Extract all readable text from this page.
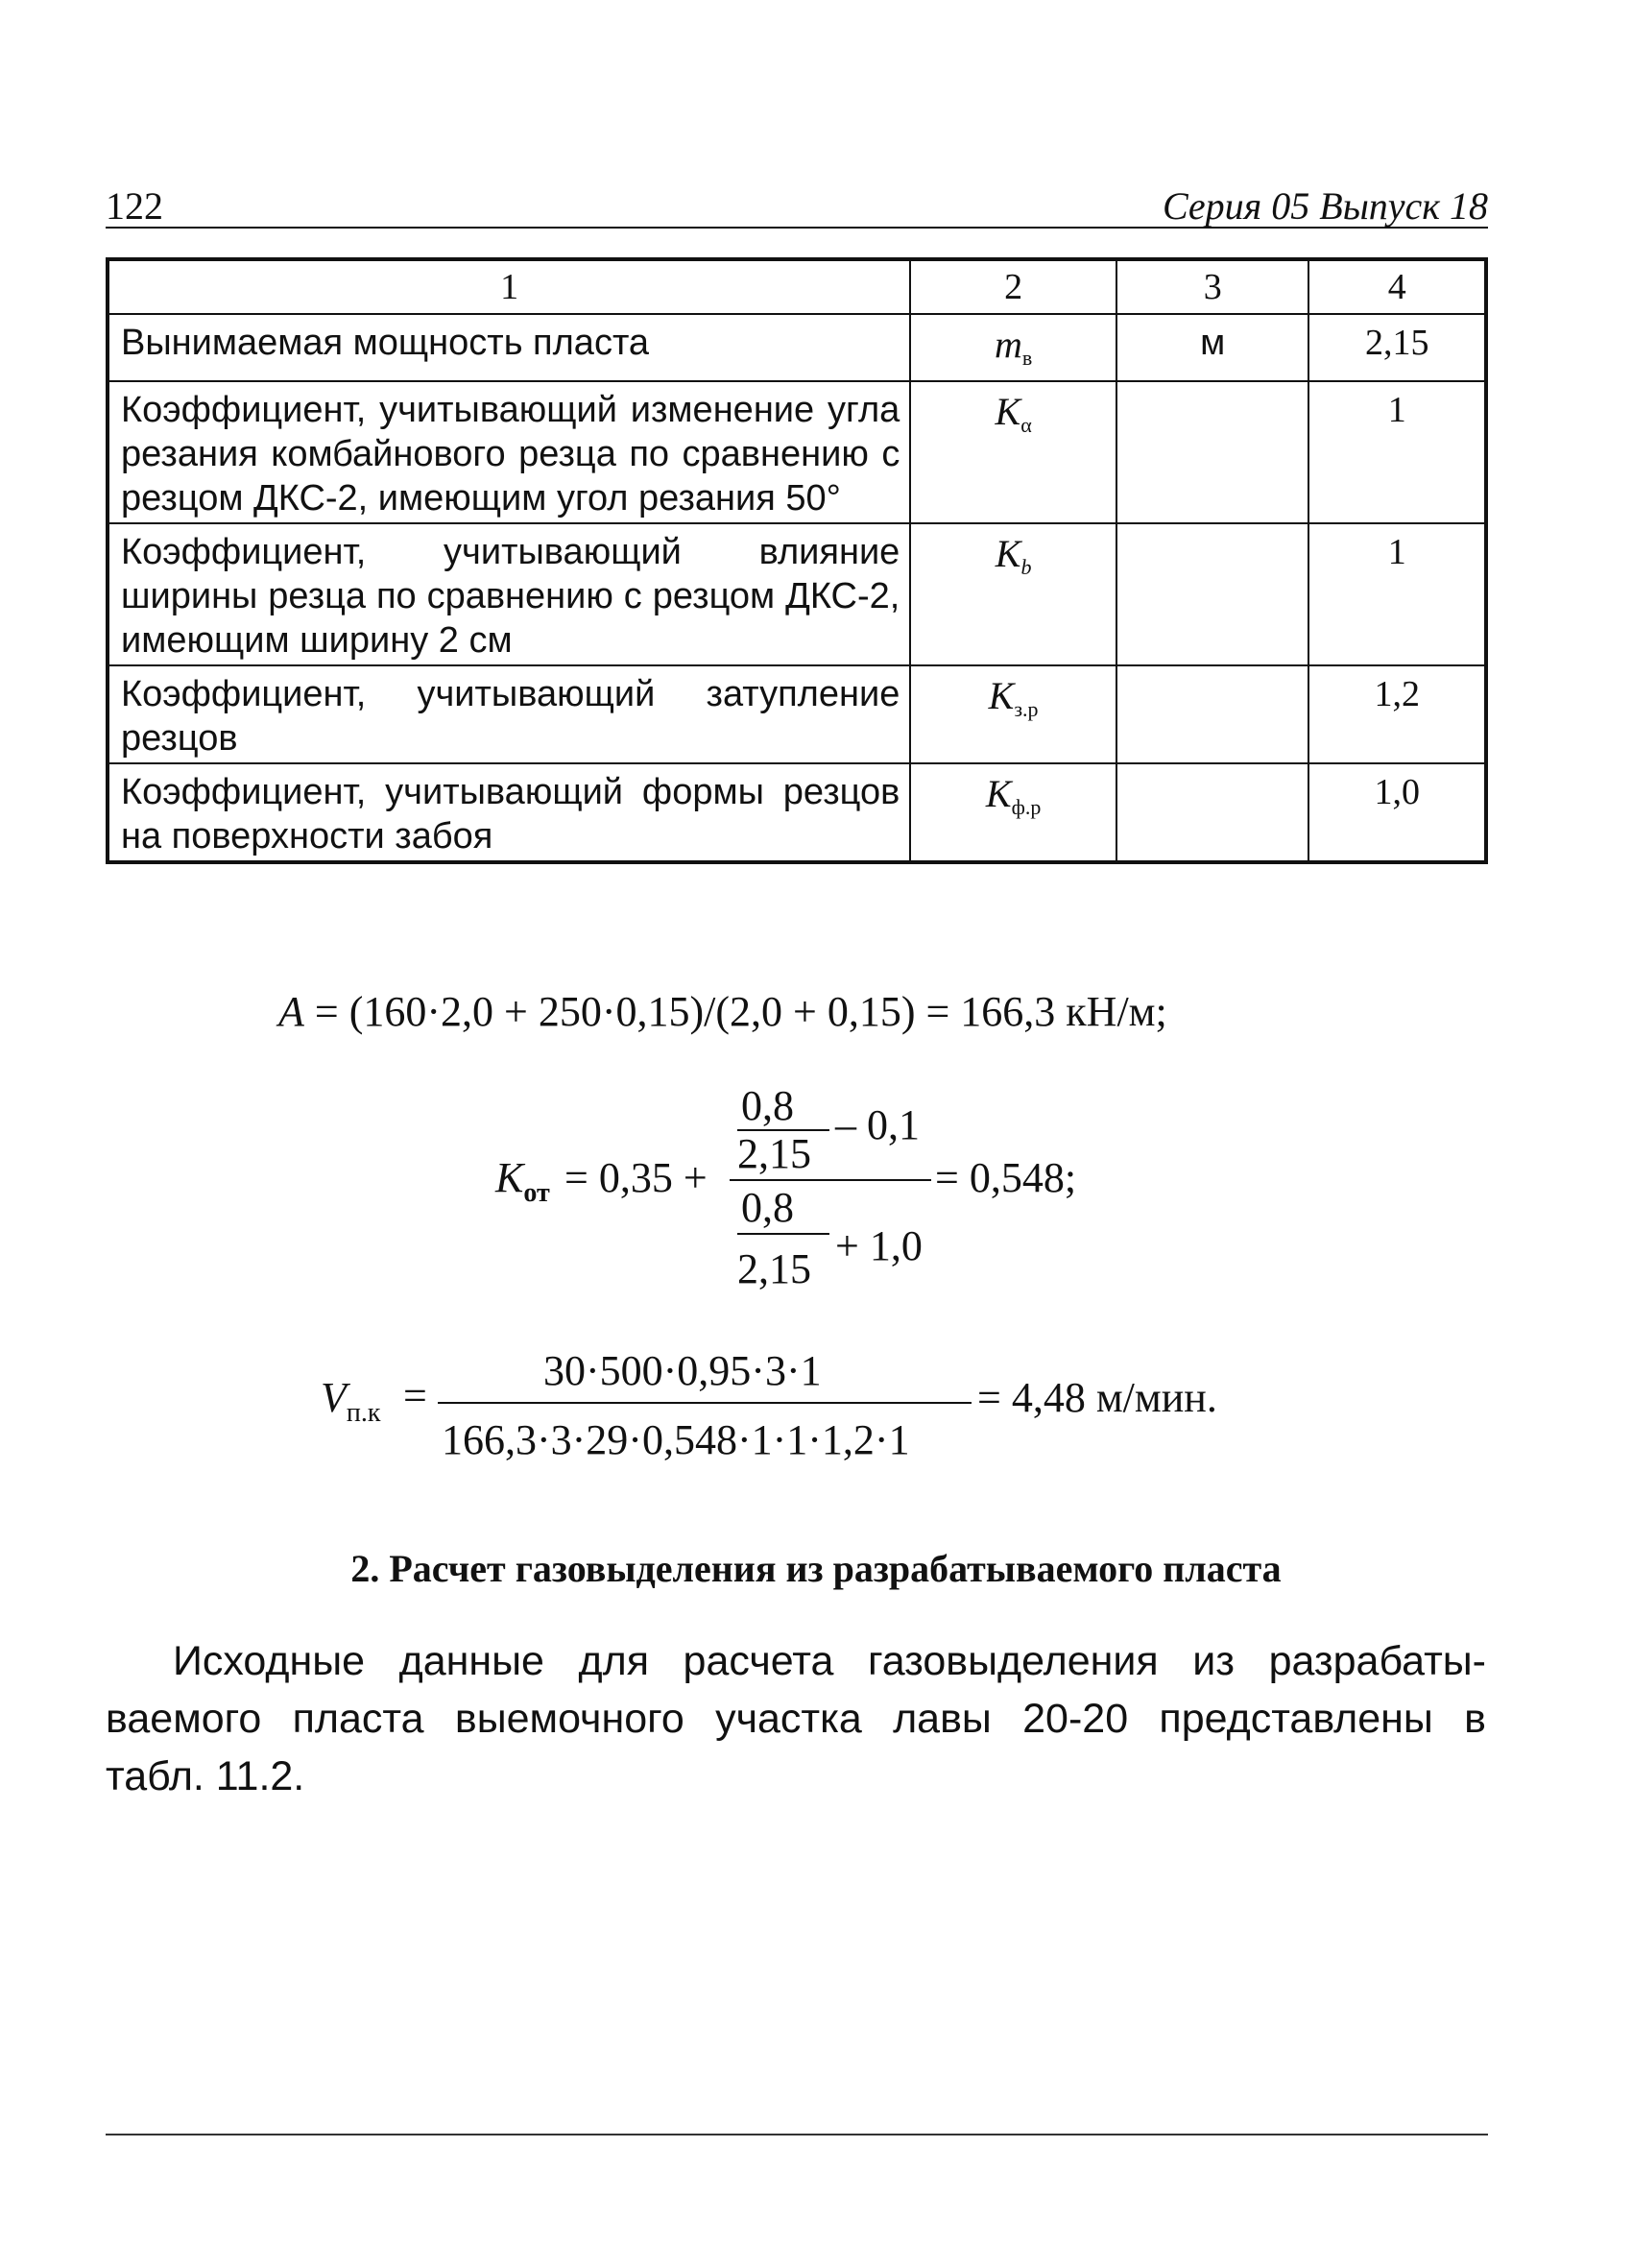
122	Серия 05 Выпуск 18
1	2	3	4
Вынимаемая мощность пласта	$m_в$	м	2,15
Коэффициент, учитывающий изменение угла резания комбайнового резца по сравнению с резцом ДКС-2, имеющим угол резания 50°	$K_\alpha$		1
Коэффициент, учитывающий влияние ширины резца по сравнению с резцом ДКС-2, имеющим ширину 2 см	$K_b$		1
Коэффициент, учитывающий затупление резцов	$K_{з.р}$		1,2
Коэффициент, учитывающий формы резцов на поверхности забоя	$K_{ф.р}$		1,0
A = (160·2,0 + 250·0,15)/(2,0 + 0,15) = 166,3 кН/м;
$K_{от} = 0,35$ +
0,8
2,15
– 0,1
0,8
2,15 + 1,0
= 0,548;
$V_{п.к}$ =
30·500·0,95·3·1
166,3·3·29·0,548·1·1·1,2·1
= 4,48 м/мин.
2. Расчет газовыделения из разрабатываемого пласта
Исходные данные для расчета газовыделения из разрабаты-
ваемого пласта выемочного участка лавы 20-20 представлены в
табл. 11.2.
